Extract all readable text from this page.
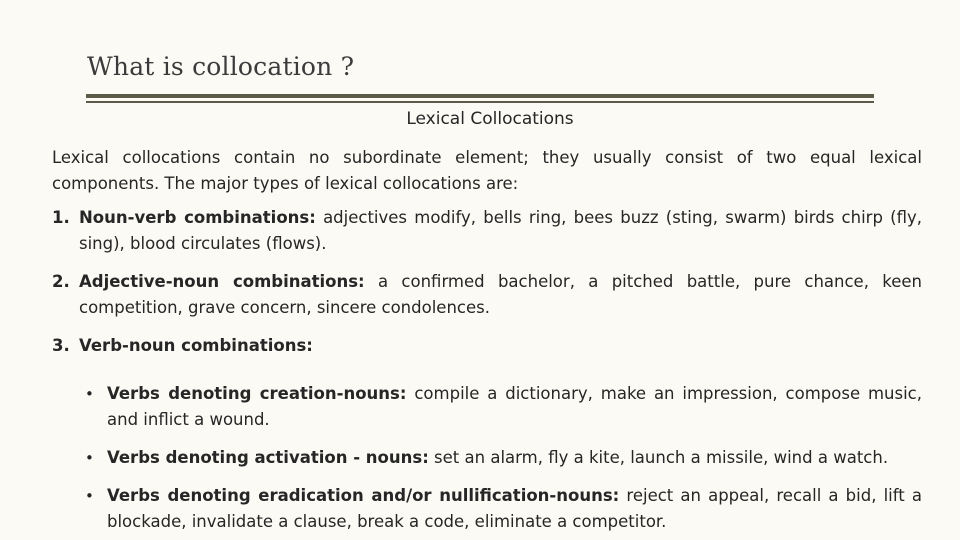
What is collocation ?
Lexical Collocations

Lexical collocations contain no subordinate element; they usually consist of two equal lexical components. The major types of lexical collocations are:

1. Noun-verb combinations: adjectives modify, bells ring, bees buzz (sting, swarm) birds chirp (fly, sing), blood circulates (flows).

2. Adjective-noun combinations: a confirmed bachelor, a pitched battle, pure chance, keen competition, grave concern, sincere condolences.

3. Verb-noun combinations:

• Verbs denoting creation-nouns: compile a dictionary, make an impression, compose music, and inflict a wound.

• Verbs denoting activation - nouns: set an alarm, fly a kite, launch a missile, wind a watch.

• Verbs denoting eradication and/or nullification-nouns: reject an appeal, recall a bid, lift a blockade, invalidate a clause, break a code, eliminate a competitor.
